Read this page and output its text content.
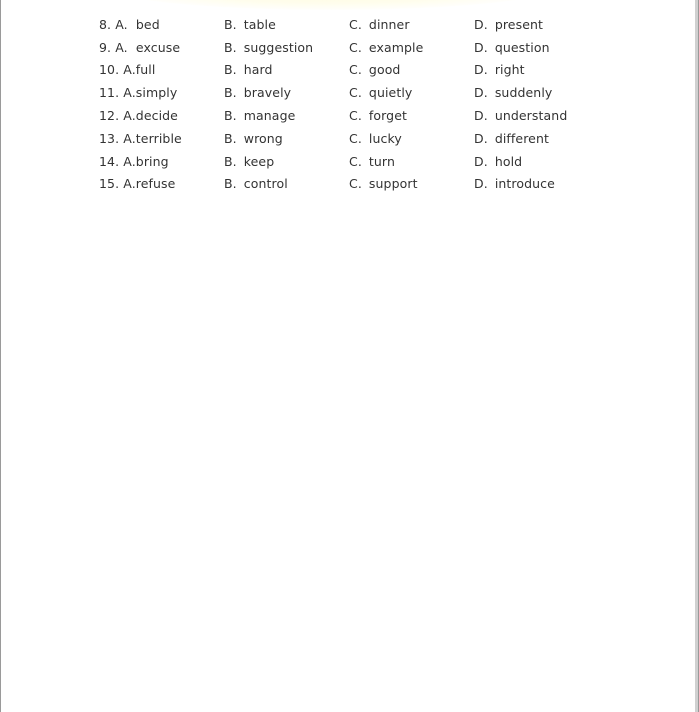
8. A. bed	B. table	C. dinner	D. present
9. A. excuse	B. suggestion	C. example	D. question
10. A.full	B. hard	C. good	D. right
11. A.simply	B. bravely	C. quietly	D. suddenly
12. A.decide	B. manage	C. forget	D. understand
13. A.terrible	B. wrong	C. lucky	D. different
14. A.bring	B. keep	C. turn	D. hold
15. A.refuse	B. control	C. support	D. introduce
